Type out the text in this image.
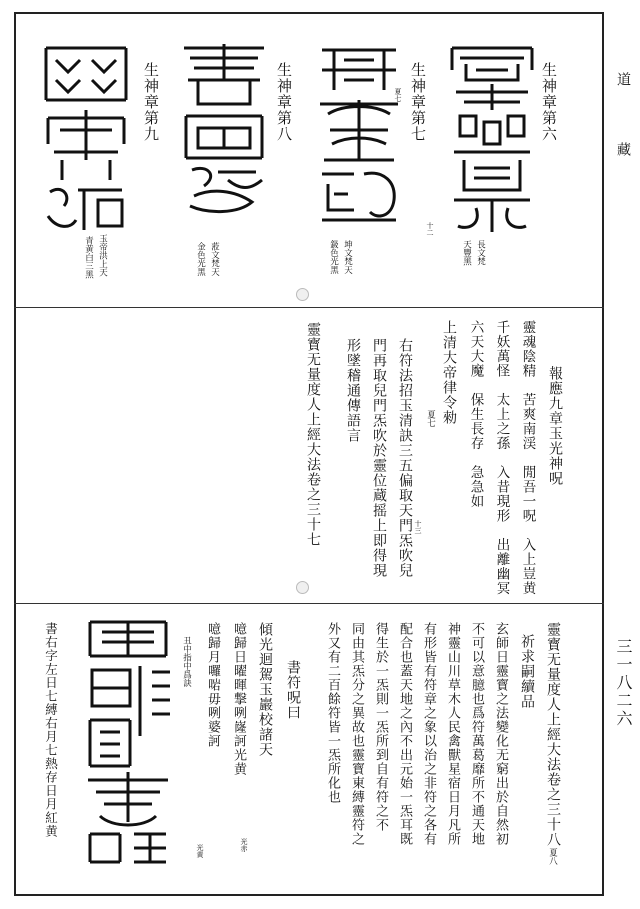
道 藏
三一八二六
生神章第六
長文梵
天豐黑
生神章第七
夏七
坤文梵天
鈒色光黑
十二
生神章第八
蒞文梵天
金色光黑
生神章第九
玉帝洪上天
青黄白三黑
報應九章玉光神呪
靈魂陰精　苦爽南渓　閒吾一呪　入上豈黄
千妖萬怪　太上之孫　入昔現形　出離幽冥
六天大魔　保生長存　急急如
上清大帝律令勑
夏七
右符法招玉清訣三五偏取天門炁吹兒
門再取兒門炁吹於靈位蔵摇上即得現
形墜稽通傳語言
十三
靈寳无量度人上經大法卷之三十七
靈寳无量度人上經大法卷之三十八
夏八
祈求嗣續品
玄師日靈寳之法變化无窮出於自然初
不可以意臆也爲符萬葛靡所不通天地
神靈山川草木人民禽獸星宿日月凡所
有形皆有符章之象以治之非符之各有
配合也蓋天地之內不出元始一炁耳既
得生於一炁則一炁所到自有符之不
同由其炁分之異故也靈寳東縛靈符之
外又有二百餘符皆一炁所化也
書符呪曰
傾光迴駕玉巖校諸天
噫歸日曜暉撃咧嶐訶光黄
噫歸月囉啱毋咧婆訶
丑中指中爲訣
光黄	光赤
書右字左日七縛右月七熱存日月紅黄
